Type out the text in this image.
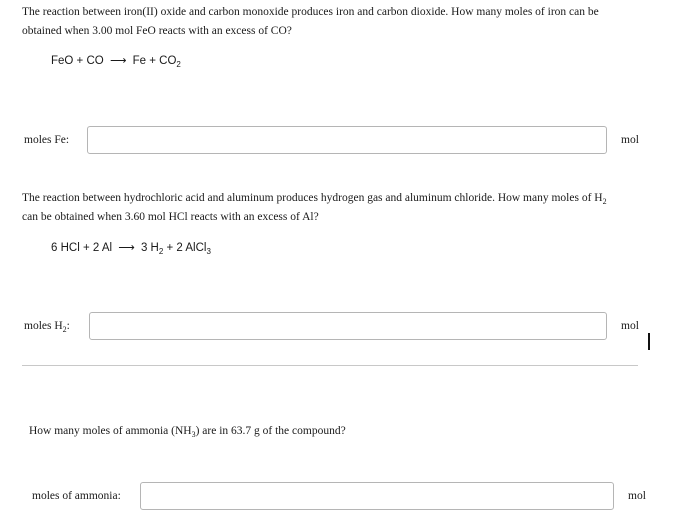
The reaction between iron(II) oxide and carbon monoxide produces iron and carbon dioxide. How many moles of iron can be
obtained when 3.00 mol FeO reacts with an excess of CO?
FeO + CO ⟶ $Fe + CO_2$
moles Fe:	mol
The reaction between hydrochloric acid and aluminum produces hydrogen gas and aluminum chloride. How many moles of $H_2$
can be obtained when 3.60 mol HCl reacts with an excess of Al?
6 HCl + 2 Al ⟶ 3 $H_2 + 2$ AlCl$_3$
moles $H_2$:	mol
How many moles of ammonia $(NH_3)$ are in 63.7 g of the compound?
moles of ammonia:	mol
